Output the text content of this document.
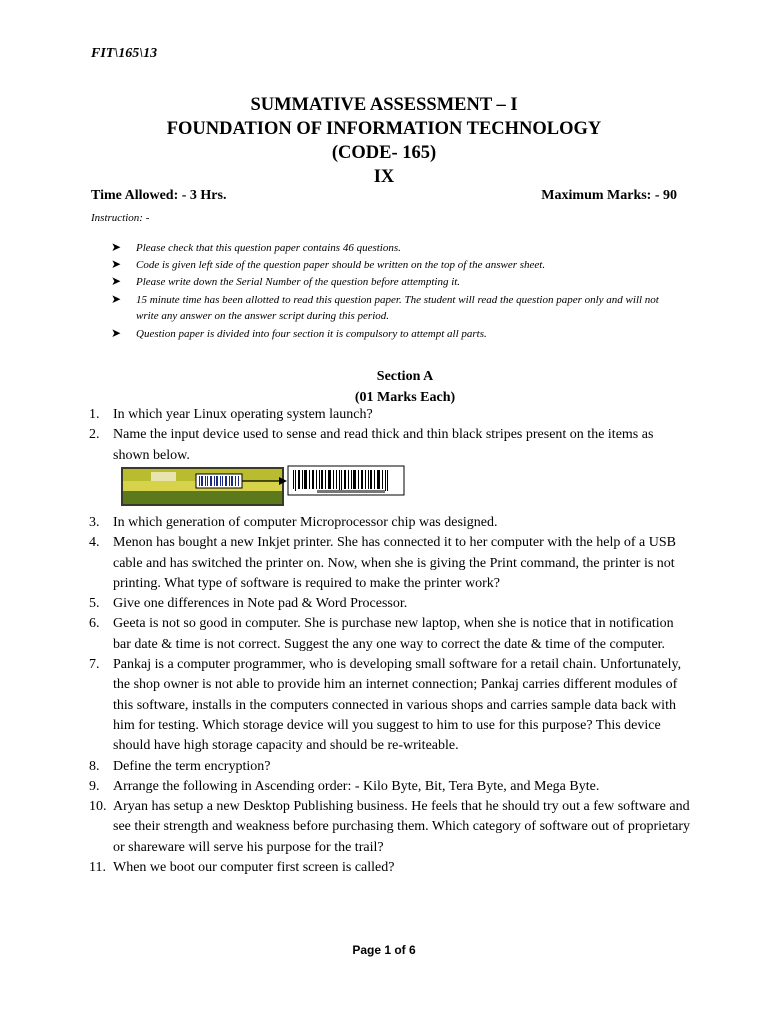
FIT\165\13
SUMMATIVE ASSESSMENT – I
FOUNDATION OF INFORMATION TECHNOLOGY
(CODE- 165)
IX
Time Allowed: - 3 Hrs.	Maximum Marks: - 90
Instruction: -
➤ Please check that this question paper contains 46 questions.
➤ Code is given left side of the question paper should be written on the top of the answer sheet.
➤ Please write down the Serial Number of the question before attempting it.
➤ 15 minute time has been allotted to read this question paper. The student will read the question paper only and will not write any answer on the answer script during this period.
➤ Question paper is divided into four section it is compulsory to attempt all parts.
Section A
(01 Marks Each)
1. In which year Linux operating system launch?
2. Name the input device used to sense and read thick and thin black stripes present on the items as shown below.
3. In which generation of computer Microprocessor chip was designed.
4. Menon has bought a new Inkjet printer. She has connected it to her computer with the help of a USB cable and has switched the printer on. Now, when she is giving the Print command, the printer is not printing. What type of software is required to make the printer work?
5. Give one differences in Note pad & Word Processor.
6. Geeta is not so good in computer. She is purchase new laptop, when she is notice that in notification bar date & time is not correct. Suggest the any one way to correct the date & time of the computer.
7. Pankaj is a computer programmer, who is developing small software for a retail chain. Unfortunately, the shop owner is not able to provide him an internet connection; Pankaj carries different modules of this software, installs in the computers connected in various shops and carries sample data back with him for testing. Which storage device will you suggest to him to use for this purpose? This device should have high storage capacity and should be re-writeable.
8. Define the term encryption?
9. Arrange the following in Ascending order: - Kilo Byte, Bit, Tera Byte, and Mega Byte.
10. Aryan has setup a new Desktop Publishing business. He feels that he should try out a few software and see their strength and weakness before purchasing them. Which category of software out of proprietary or shareware will serve his purpose for the trail?
11. When we boot our computer first screen is called?
Page 1 of 6
